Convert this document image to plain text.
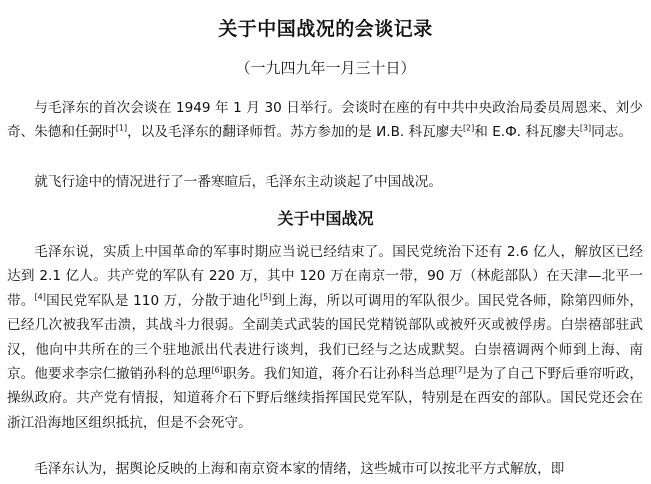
关于中国战况的会谈记录
（一九四九年一月三十日）

与毛泽东的首次会谈在 1949 年 1 月 30 日举行。会谈时在座的有中共中央政治局委员周恩来、刘少奇、朱德和任弼时[1]，以及毛泽东的翻译师哲。苏方参加的是 И.В. 科瓦廖夫[2]和 Е.Ф. 科瓦廖夫[3]同志。

就飞行途中的情况进行了一番寒暄后，毛泽东主动谈起了中国战况。

关于中国战况

毛泽东说，实质上中国革命的军事时期应当说已经结束了。国民党统治下还有 2.6 亿人，解放区已经达到 2.1 亿人。共产党的军队有 220 万，其中 120 万在南京一带，90 万（林彪部队）在天津—北平一带。[4]国民党军队是 110 万，分散于迪化[5]到上海，所以可调用的军队很少。国民党各师，除第四师外，已经几次被我军击溃，其战斗力很弱。全副美式武装的国民党精锐部队或被歼灭或被俘虏。白崇禧部驻武汉，他向中共所在的三个驻地派出代表进行谈判，我们已经与之达成默契。白崇禧调两个师到上海、南京。他要求李宗仁撤销孙科的总理[6]职务。我们知道，蒋介石让孙科当总理[7]是为了自己下野后垂帘听政，操纵政府。共产党有情报，知道蒋介石下野后继续指挥国民党军队，特别是在西安的部队。国民党还会在浙江沿海地区组织抵抗，但是不会死守。

毛泽东认为，据舆论反映的上海和南京资本家的情绪，这些城市可以按北平方式解放，即
